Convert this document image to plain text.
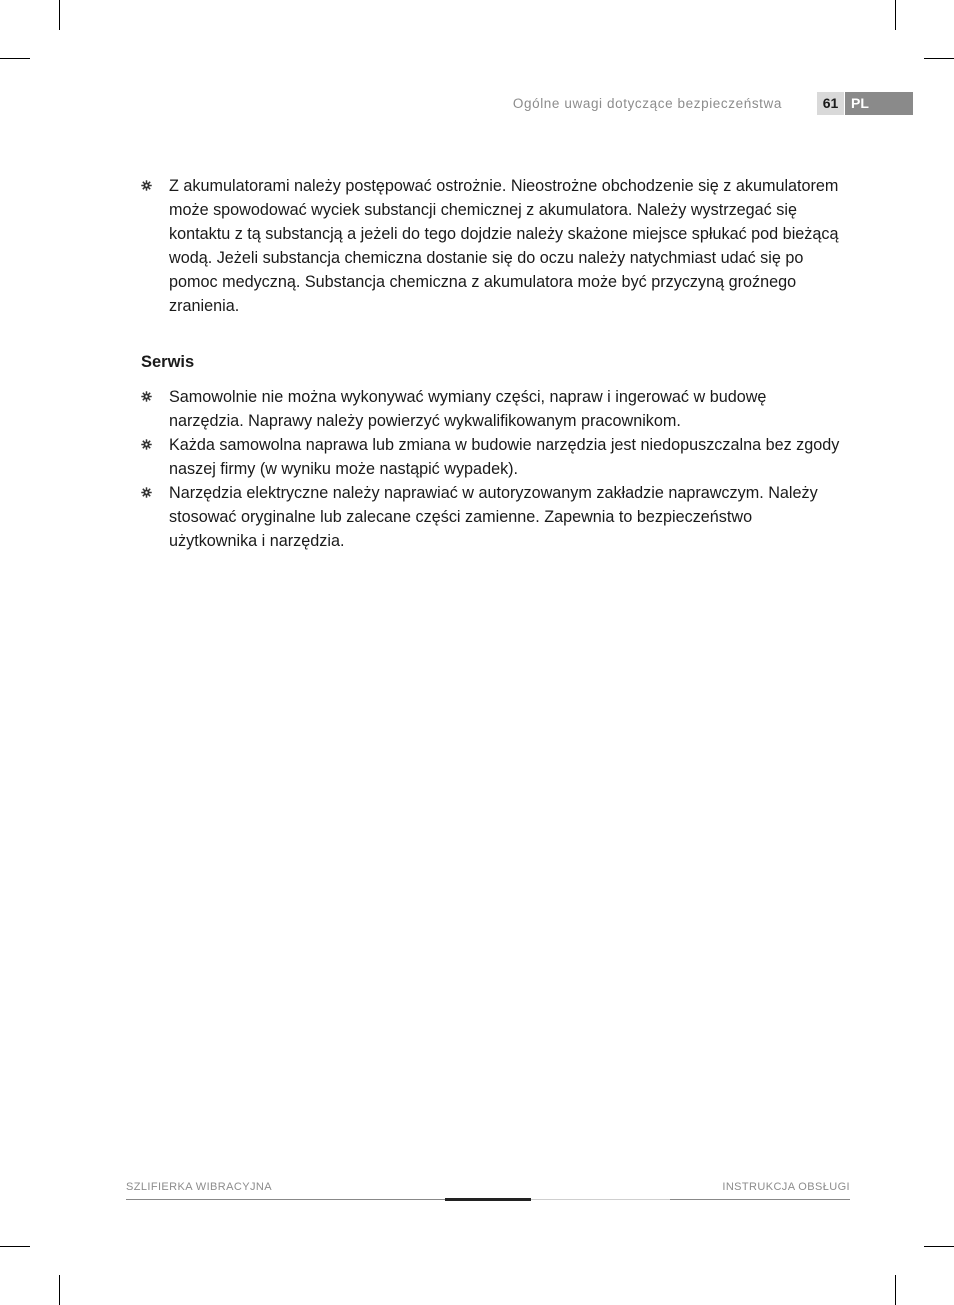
Ogólne uwagi dotyczące bezpieczeństwa	61 PL
Z akumulatorami należy postępować ostrożnie. Nieostrożne obchodzenie się z akumulatorem może spowodować wyciek substancji chemicznej z akumulatora. Należy wystrzegać się kontaktu z tą substancją a jeżeli do tego dojdzie należy skażone miejsce spłukać pod bieżącą wodą. Jeżeli substancja chemiczna dostanie się do oczu należy natychmiast udać się po pomoc medyczną. Substancja chemiczna z akumulatora może być przyczyną groźnego zranienia.
Serwis
Samowolnie nie można wykonywać wymiany części, napraw i ingerować w budowę narzędzia. Naprawy należy powierzyć wykwalifikowanym pracownikom.
Każda samowolna naprawa lub zmiana w budowie narzędzia jest niedopuszczalna bez zgody naszej firmy (w wyniku może nastąpić wypadek).
Narzędzia elektryczne należy naprawiać w autoryzowanym zakładzie naprawczym. Należy stosować oryginalne lub zalecane części zamienne. Zapewnia to bezpieczeństwo użytkownika i narzędzia.
SZLIFIERKA WIBRACYJNA	INSTRUKCJA OBSŁUGI
